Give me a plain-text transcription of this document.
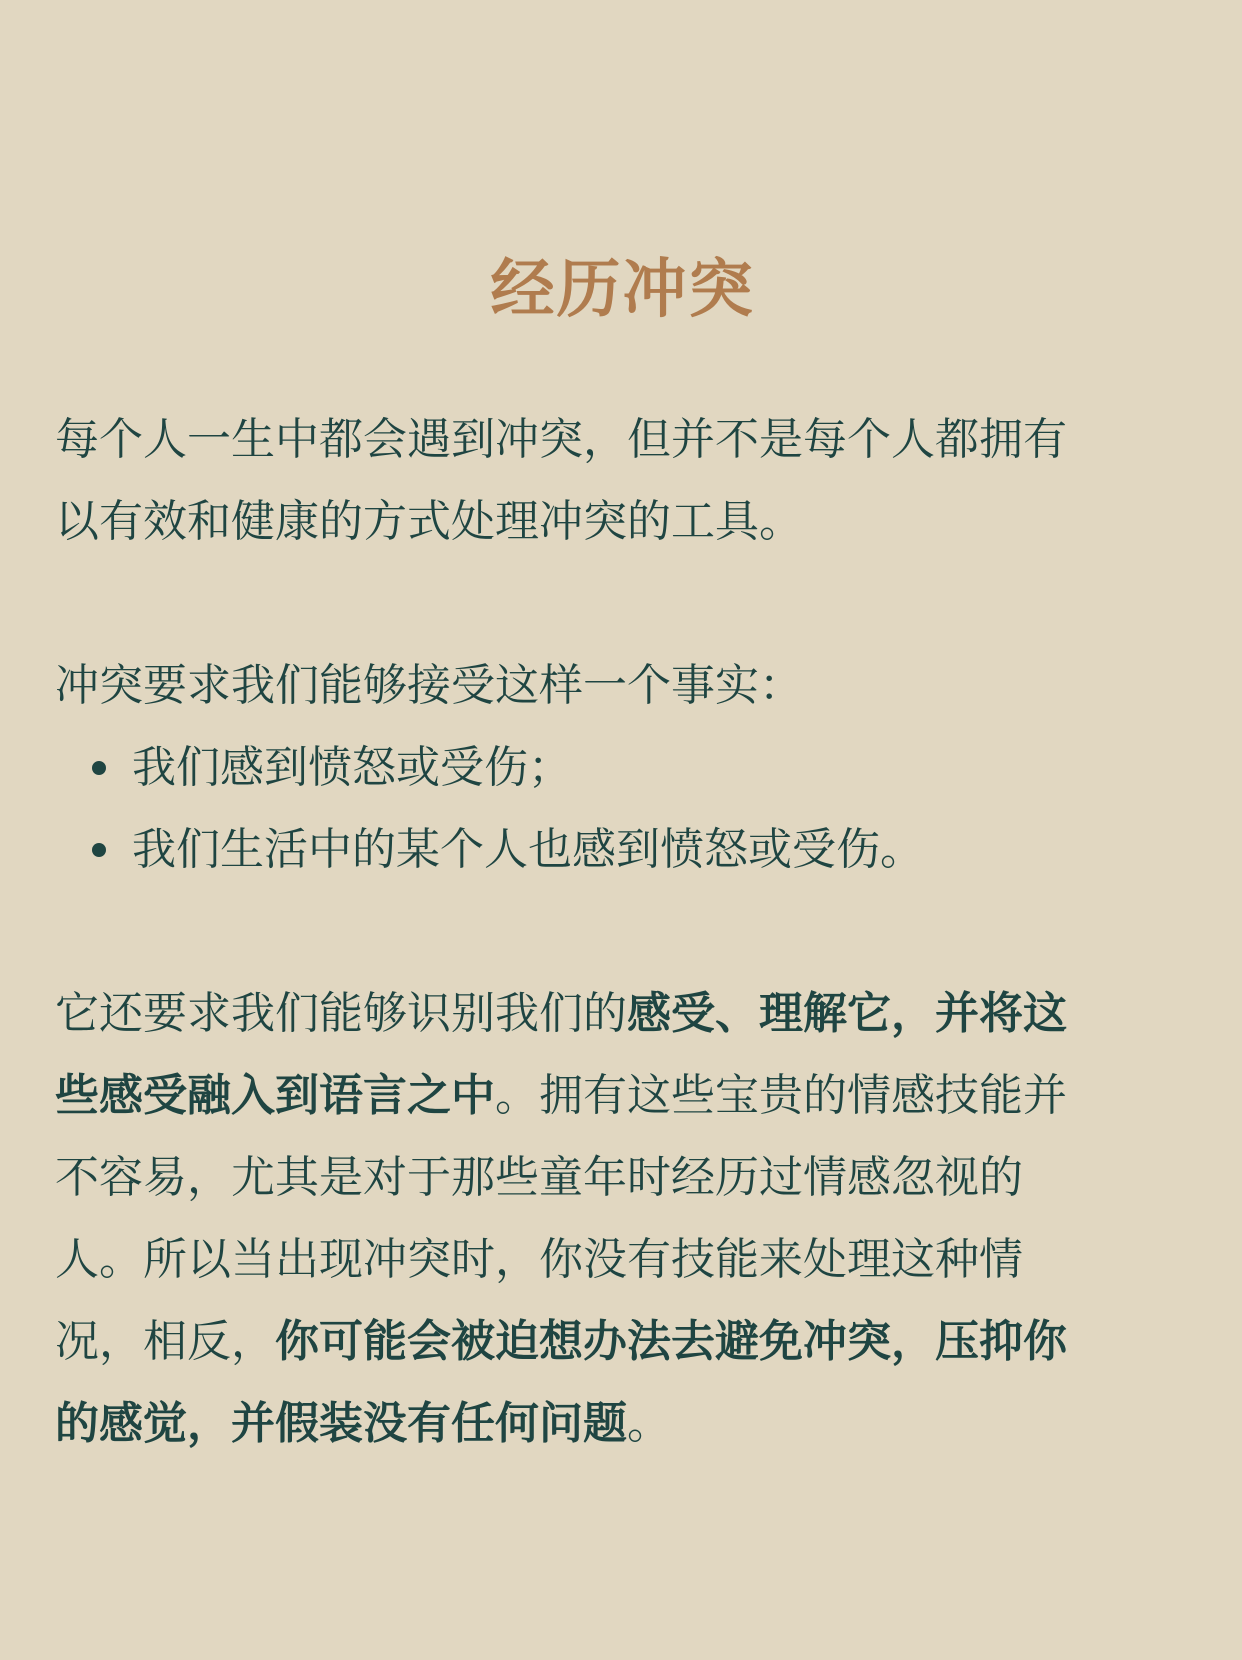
经历冲突

每个人一生中都会遇到冲突，但并不是每个人都拥有
以有效和健康的方式处理冲突的工具。

冲突要求我们能够接受这样一个事实：

我们感到愤怒或受伤；
我们生活中的某个人也感到愤怒或受伤。

它还要求我们能够识别我们的感受、理解它，并将这
些感受融入到语言之中。拥有这些宝贵的情感技能并
不容易，尤其是对于那些童年时经历过情感忽视的
人。所以当出现冲突时，你没有技能来处理这种情
况，相反，你可能会被迫想办法去避免冲突，压抑你
的感觉，并假装没有任何问题。
